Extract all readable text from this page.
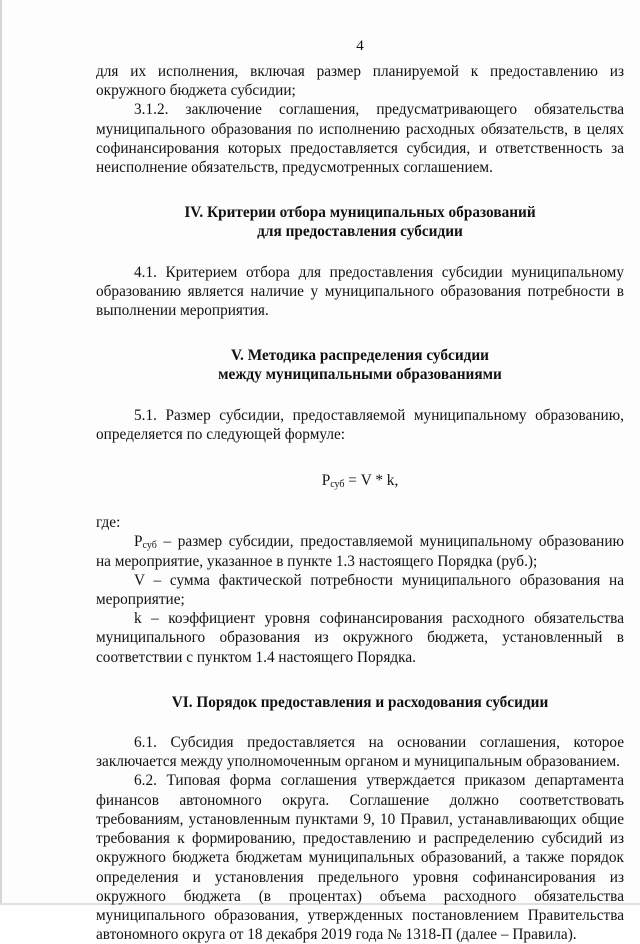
4

для их исполнения, включая размер планируемой к предоставлению из окружного бюджета субсидии;

3.1.2. заключение соглашения, предусматривающего обязательства муниципального образования по исполнению расходных обязательств, в целях софинансирования которых предоставляется субсидия, и ответственность за неисполнение обязательств, предусмотренных соглашением.

IV. Критерии отбора муниципальных образований

для предоставления субсидии

4.1. Критерием отбора для предоставления субсидии муниципальному образованию является наличие у муниципального образования потребности в выполнении мероприятия.

V. Методика распределения субсидии

между муниципальными образованиями

5.1. Размер субсидии, предоставляемой муниципальному образованию, определяется по следующей формуле:

$P_{суб} = V * k$,

где:

$P_{суб}$ – размер субсидии, предоставляемой муниципальному образованию на мероприятие, указанное в пункте 1.3 настоящего Порядка (руб.);

V – сумма фактической потребности муниципального образования на мероприятие;

k – коэффициент уровня софинансирования расходного обязательства муниципального образования из окружного бюджета, установленный в соответствии с пунктом 1.4 настоящего Порядка.

VI. Порядок предоставления и расходования субсидии

6.1. Субсидия предоставляется на основании соглашения, которое заключается между уполномоченным органом и муниципальным образованием.

6.2. Типовая форма соглашения утверждается приказом департамента финансов автономного округа. Соглашение должно соответствовать требованиям, установленным пунктами 9, 10 Правил, устанавливающих общие требования к формированию, предоставлению и распределению субсидий из окружного бюджета бюджетам муниципальных образований, а также порядок определения и установления предельного уровня софинансирования из окружного бюджета (в процентах) объема расходного обязательства муниципального образования, утвержденных постановлением Правительства автономного округа от 18 декабря 2019 года № 1318-П (далее – Правила).
